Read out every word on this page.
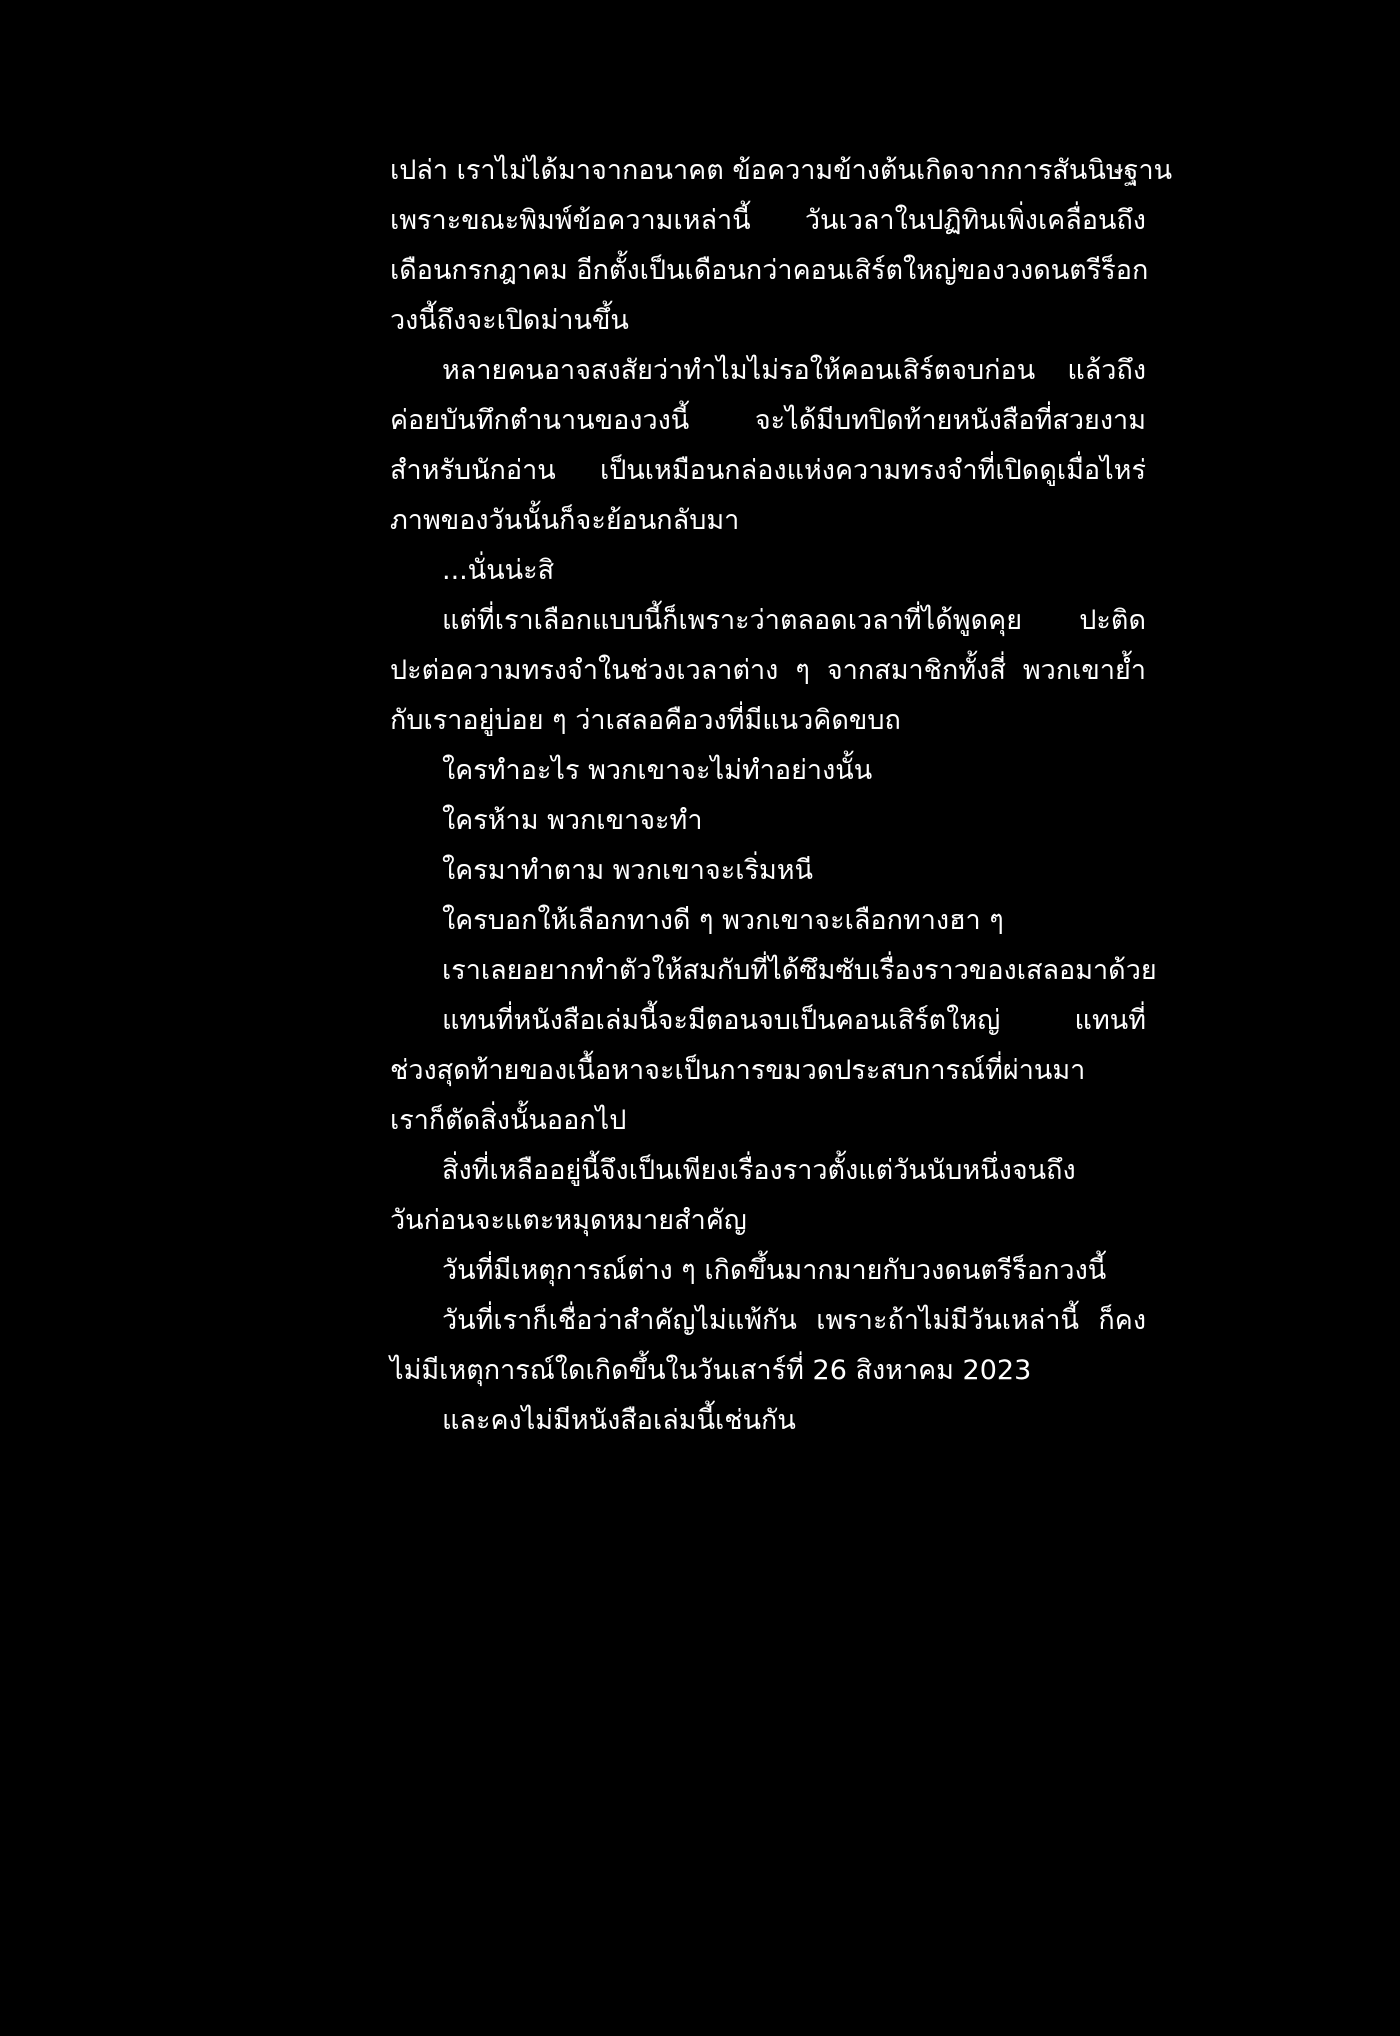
เปล่า เราไม่ได้มาจากอนาคต ข้อความข้างต้นเกิดจากการสันนิษฐาน
เพราะขณะพิมพ์ข้อความเหล่านี้ วันเวลาในปฏิทินเพิ่งเคลื่อนถึง
เดือนกรกฎาคม อีกตั้งเป็นเดือนกว่าคอนเสิร์ตใหญ่ของวงดนตรีร็อก
วงนี้ถึงจะเปิดม่านขึ้น
หลายคนอาจสงสัยว่าทำไมไม่รอให้คอนเสิร์ตจบก่อน แล้วถึง
ค่อยบันทึกตำนานของวงนี้ จะได้มีบทปิดท้ายหนังสือที่สวยงาม
สำหรับนักอ่าน เป็นเหมือนกล่องแห่งความทรงจำที่เปิดดูเมื่อไหร่
ภาพของวันนั้นก็จะย้อนกลับมา
...นั่นน่ะสิ
แต่ที่เราเลือกแบบนี้ก็เพราะว่าตลอดเวลาที่ได้พูดคุย ปะติด
ปะต่อความทรงจำในช่วงเวลาต่าง ๆ จากสมาชิกทั้งสี่ พวกเขาย้ำ
กับเราอยู่บ่อย ๆ ว่าเสลอคือวงที่มีแนวคิดขบถ
ใครทำอะไร พวกเขาจะไม่ทำอย่างนั้น
ใครห้าม พวกเขาจะทำ
ใครมาทำตาม พวกเขาจะเริ่มหนี
ใครบอกให้เลือกทางดี ๆ พวกเขาจะเลือกทางฮา ๆ
เราเลยอยากทำตัวให้สมกับที่ได้ซึมซับเรื่องราวของเสลอมาด้วย
แทนที่หนังสือเล่มนี้จะมีตอนจบเป็นคอนเสิร์ตใหญ่ แทนที่
ช่วงสุดท้ายของเนื้อหาจะเป็นการขมวดประสบการณ์ที่ผ่านมา
เราก็ตัดสิ่งนั้นออกไป
สิ่งที่เหลืออยู่นี้จึงเป็นเพียงเรื่องราวตั้งแต่วันนับหนึ่งจนถึง
วันก่อนจะแตะหมุดหมายสำคัญ
วันที่มีเหตุการณ์ต่าง ๆ เกิดขึ้นมากมายกับวงดนตรีร็อกวงนี้
วันที่เราก็เชื่อว่าสำคัญไม่แพ้กัน เพราะถ้าไม่มีวันเหล่านี้ ก็คง
ไม่มีเหตุการณ์ใดเกิดขึ้นในวันเสาร์ที่ 26 สิงหาคม 2023
และคงไม่มีหนังสือเล่มนี้เช่นกัน
